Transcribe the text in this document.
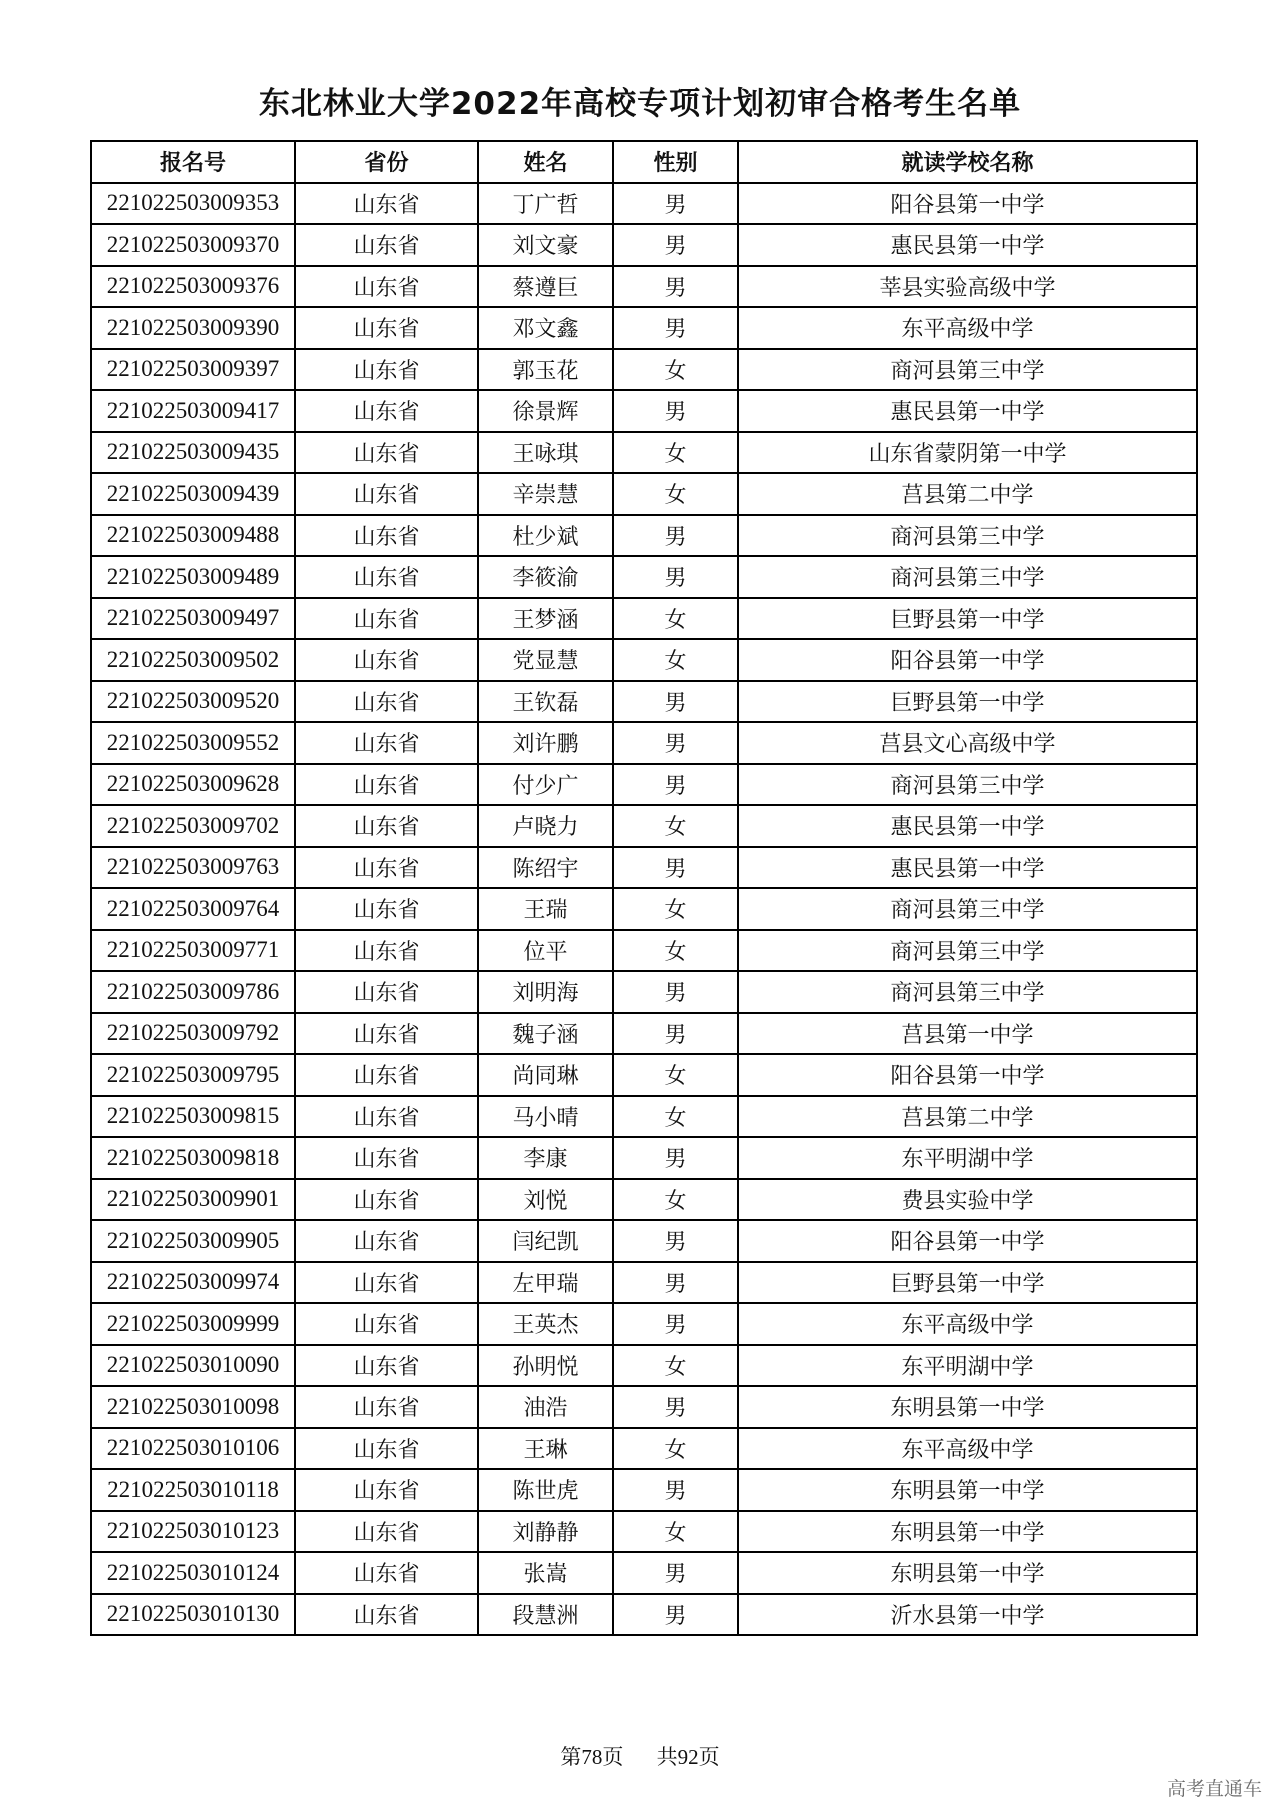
东北林业大学2022年高校专项计划初审合格考生名单
报名号	省份	姓名	性别	就读学校名称
221022503009353	山东省	丁广哲	男	阳谷县第一中学
221022503009370	山东省	刘文豪	男	惠民县第一中学
221022503009376	山东省	蔡遵巨	男	莘县实验高级中学
221022503009390	山东省	邓文鑫	男	东平高级中学
221022503009397	山东省	郭玉花	女	商河县第三中学
221022503009417	山东省	徐景辉	男	惠民县第一中学
221022503009435	山东省	王咏琪	女	山东省蒙阴第一中学
221022503009439	山东省	辛崇慧	女	莒县第二中学
221022503009488	山东省	杜少斌	男	商河县第三中学
221022503009489	山东省	李筱渝	男	商河县第三中学
221022503009497	山东省	王梦涵	女	巨野县第一中学
221022503009502	山东省	党显慧	女	阳谷县第一中学
221022503009520	山东省	王钦磊	男	巨野县第一中学
221022503009552	山东省	刘许鹏	男	莒县文心高级中学
221022503009628	山东省	付少广	男	商河县第三中学
221022503009702	山东省	卢晓力	女	惠民县第一中学
221022503009763	山东省	陈绍宇	男	惠民县第一中学
221022503009764	山东省	王瑞	女	商河县第三中学
221022503009771	山东省	位平	女	商河县第三中学
221022503009786	山东省	刘明海	男	商河县第三中学
221022503009792	山东省	魏子涵	男	莒县第一中学
221022503009795	山东省	尚同琳	女	阳谷县第一中学
221022503009815	山东省	马小晴	女	莒县第二中学
221022503009818	山东省	李康	男	东平明湖中学
221022503009901	山东省	刘悦	女	费县实验中学
221022503009905	山东省	闫纪凯	男	阳谷县第一中学
221022503009974	山东省	左甲瑞	男	巨野县第一中学
221022503009999	山东省	王英杰	男	东平高级中学
221022503010090	山东省	孙明悦	女	东平明湖中学
221022503010098	山东省	油浩	男	东明县第一中学
221022503010106	山东省	王琳	女	东平高级中学
221022503010118	山东省	陈世虎	男	东明县第一中学
221022503010123	山东省	刘静静	女	东明县第一中学
221022503010124	山东省	张嵩	男	东明县第一中学
221022503010130	山东省	段慧洲	男	沂水县第一中学
第78页 共92页
高考直通车
